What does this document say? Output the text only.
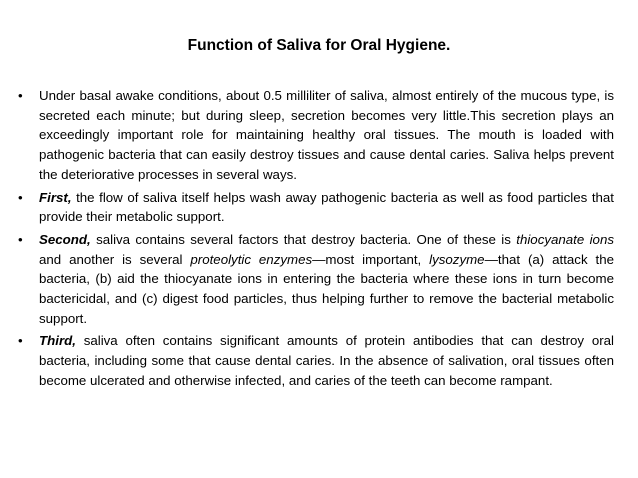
Function of Saliva for Oral Hygiene.
• Under basal awake conditions, about 0.5 milliliter of saliva, almost entirely of the mucous type, is secreted each minute; but during sleep, secretion becomes very little.This secretion plays an exceedingly important role for maintaining healthy oral tissues. The mouth is loaded with pathogenic bacteria that can easily destroy tissues and cause dental caries. Saliva helps prevent the deteriorative processes in several ways.
• First, the flow of saliva itself helps wash away pathogenic bacteria as well as food particles that provide their metabolic support.
• Second, saliva contains several factors that destroy bacteria. One of these is thiocyanate ions and another is several proteolytic enzymes—most important, lysozyme—that (a) attack the bacteria, (b) aid the thiocyanate ions in entering the bacteria where these ions in turn become bactericidal, and (c) digest food particles, thus helping further to remove the bacterial metabolic support.
• Third, saliva often contains significant amounts of protein antibodies that can destroy oral bacteria, including some that cause dental caries. In the absence of salivation, oral tissues often become ulcerated and otherwise infected, and caries of the teeth can become rampant.
